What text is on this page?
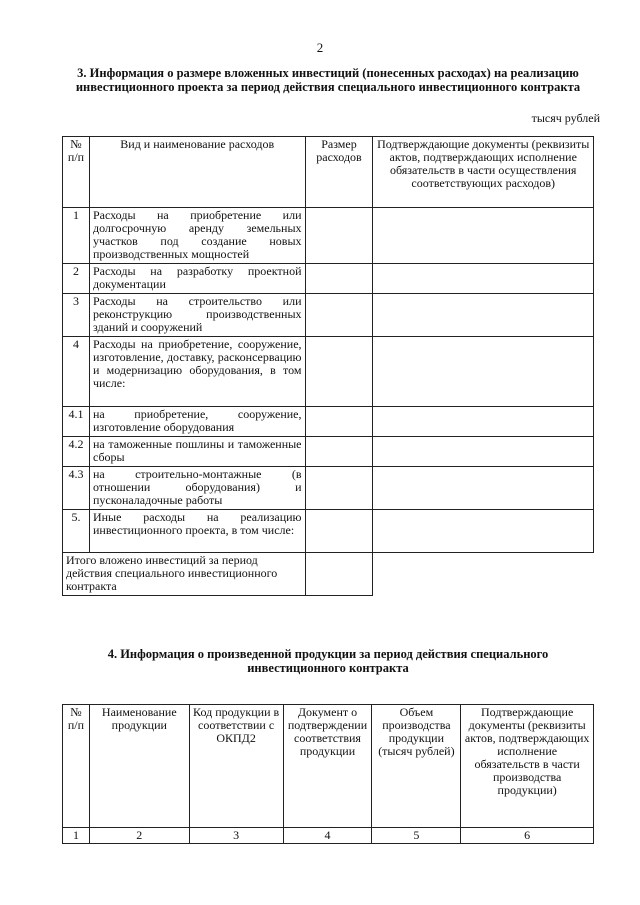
2
3. Информация о размере вложенных инвестиций (понесенных расходах) на реализацию инвестиционного проекта за период действия специального инвестиционного контракта
тысяч рублей
№ п/п	Вид и наименование расходов	Размер расходов	Подтверждающие документы (реквизиты актов, подтверждающих исполнение обязательств в части осуществления соответствующих расходов)
1	Расходы на приобретение или долгосрочную аренду земельных участков под создание новых производственных мощностей		
2	Расходы на разработку проектной документации		
3	Расходы на строительство или реконструкцию производственных зданий и сооружений		
4	Расходы на приобретение, сооружение, изготовление, доставку, расконсервацию и модернизацию оборудования, в том числе:		
4.1	на приобретение, сооружение, изготовление оборудования		
4.2	на таможенные пошлины и таможенные сборы		
4.3	на строительно-монтажные (в отношении оборудования) и пусконаладочные работы		
5.	Иные расходы на реализацию инвестиционного проекта, в том числе:		
Итого вложено инвестиций за период действия специального инвестиционного контракта			
4. Информация о произведенной продукции за период действия специального инвестиционного контракта
№ п/п	Наименование продукции	Код продукции в соответствии с ОКПД2	Документ о подтверждении соответствия продукции	Объем производства продукции (тысяч рублей)	Подтверждающие документы (реквизиты актов, подтверждающих исполнение обязательств в части производства продукции)
1	2	3	4	5	6
